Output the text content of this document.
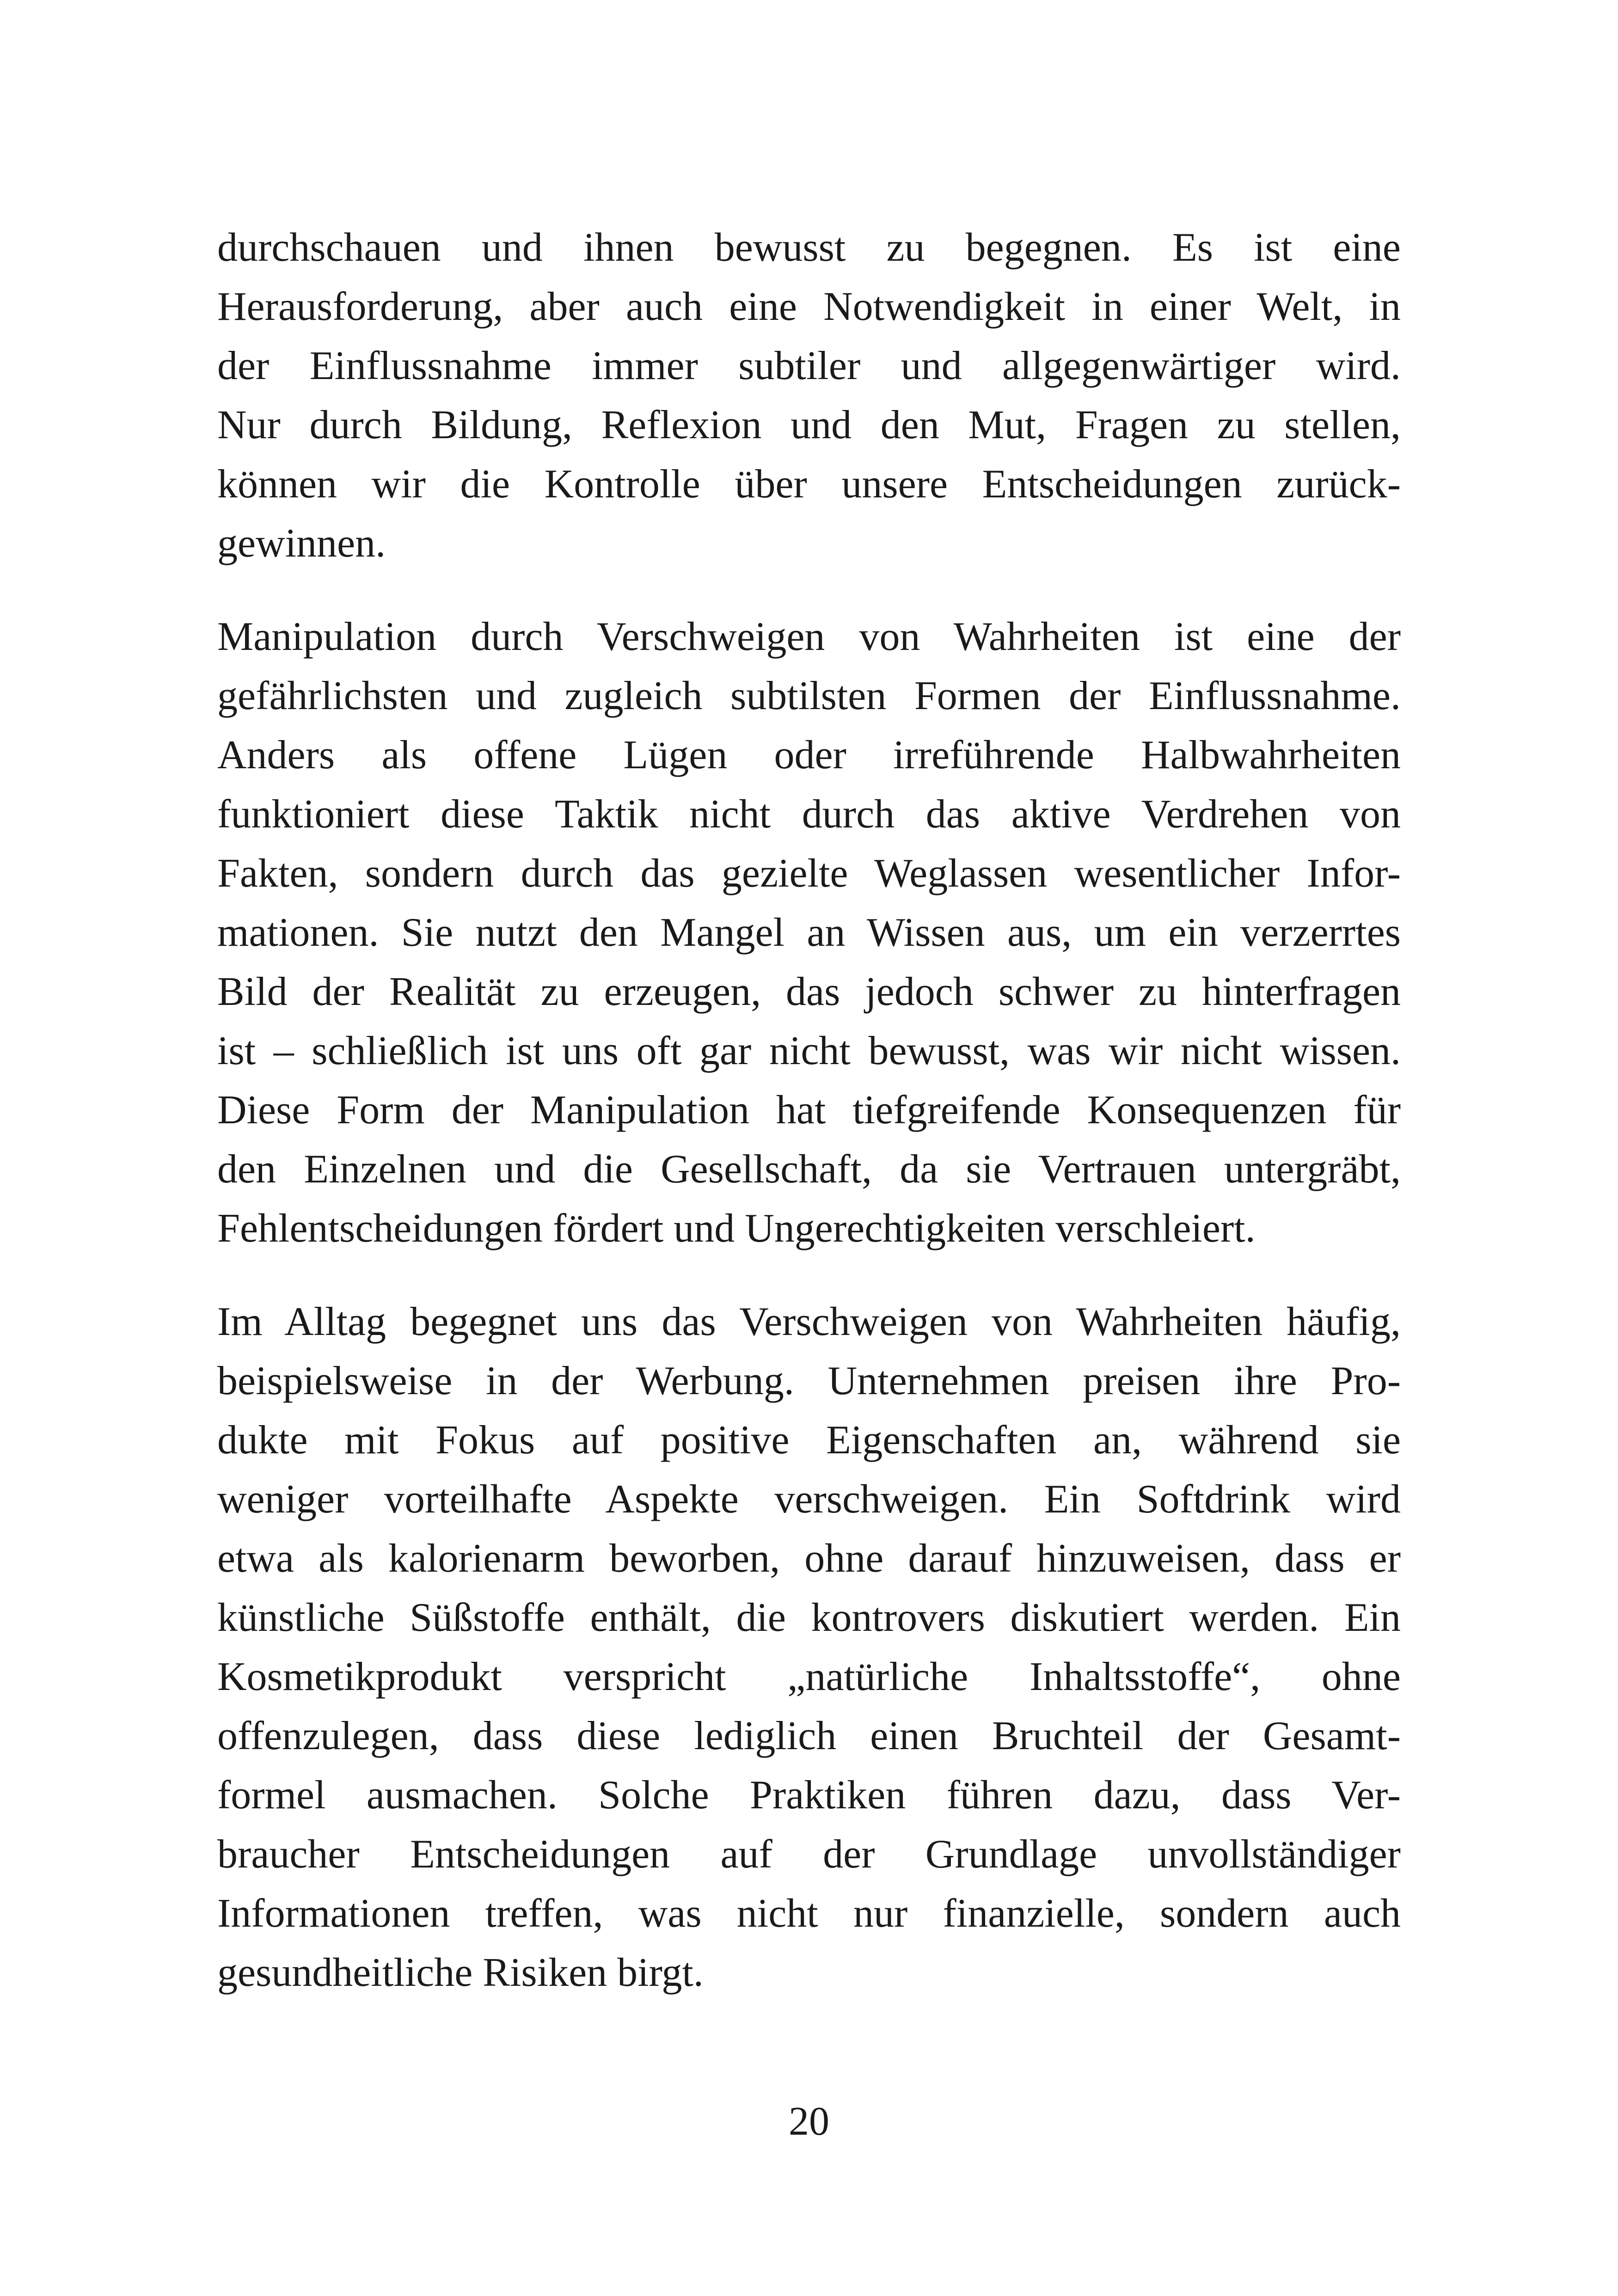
durchschauen und ihnen bewusst zu begegnen. Es ist eine
Herausforderung, aber auch eine Notwendigkeit in einer Welt, in
der Einflussnahme immer subtiler und allgegenwärtiger wird.
Nur durch Bildung, Reflexion und den Mut, Fragen zu stellen,
können wir die Kontrolle über unsere Entscheidungen zurück-
gewinnen.

Manipulation durch Verschweigen von Wahrheiten ist eine der
gefährlichsten und zugleich subtilsten Formen der Einflussnahme.
Anders als offene Lügen oder irreführende Halbwahrheiten
funktioniert diese Taktik nicht durch das aktive Verdrehen von
Fakten, sondern durch das gezielte Weglassen wesentlicher Infor-
mationen. Sie nutzt den Mangel an Wissen aus, um ein verzerrtes
Bild der Realität zu erzeugen, das jedoch schwer zu hinterfragen
ist – schließlich ist uns oft gar nicht bewusst, was wir nicht wissen.
Diese Form der Manipulation hat tiefgreifende Konsequenzen für
den Einzelnen und die Gesellschaft, da sie Vertrauen untergräbt,
Fehlentscheidungen fördert und Ungerechtigkeiten verschleiert.

Im Alltag begegnet uns das Verschweigen von Wahrheiten häufig,
beispielsweise in der Werbung. Unternehmen preisen ihre Pro-
dukte mit Fokus auf positive Eigenschaften an, während sie
weniger vorteilhafte Aspekte verschweigen. Ein Softdrink wird
etwa als kalorienarm beworben, ohne darauf hinzuweisen, dass er
künstliche Süßstoffe enthält, die kontrovers diskutiert werden. Ein
Kosmetikprodukt verspricht „natürliche Inhaltsstoffe“, ohne
offenzulegen, dass diese lediglich einen Bruchteil der Gesamt-
formel ausmachen. Solche Praktiken führen dazu, dass Ver-
braucher Entscheidungen auf der Grundlage unvollständiger
Informationen treffen, was nicht nur finanzielle, sondern auch
gesundheitliche Risiken birgt.

20
